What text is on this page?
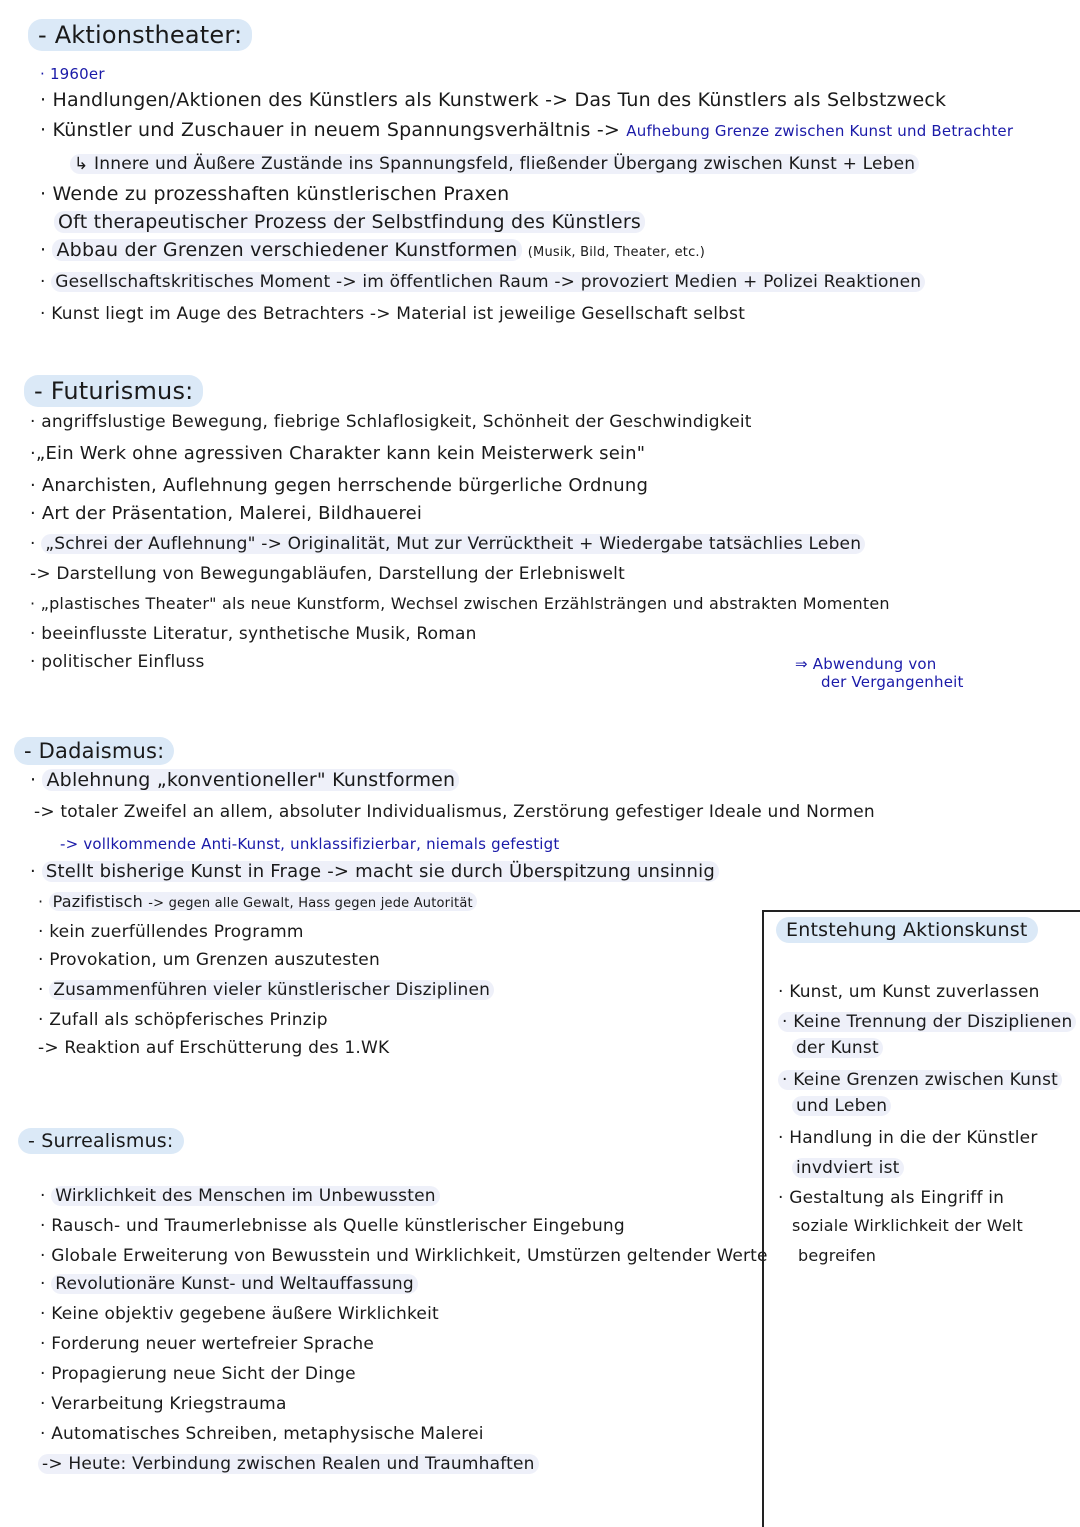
- Aktionstheater:
· 1960er
· Handlungen/Aktionen des Künstlers als Kunstwerk -> Das Tun des Künstlers als Selbstzweck
· Künstler und Zuschauer in neuem Spannungsverhältnis -> Aufhebung Grenze zwischen Kunst und Betrachter
↳ Innere und Äußere Zustände ins Spannungsfeld, fließender Übergang zwischen Kunst + Leben
· Wende zu prozesshaften künstlerischen Praxen
Oft therapeutischer Prozess der Selbstfindung des Künstlers
· Abbau der Grenzen verschiedener Kunstformen (Musik, Bild, Theater, etc.)
· Gesellschaftskritisches Moment -> im öffentlichen Raum -> provoziert Medien + Polizei Reaktionen
· Kunst liegt im Auge des Betrachters -> Material ist jeweilige Gesellschaft selbst
- Futurismus:
· angriffslustige Bewegung, fiebrige Schlaflosigkeit, Schönheit der Geschwindigkeit
·„Ein Werk ohne agressiven Charakter kann kein Meisterwerk sein"
· Anarchisten, Auflehnung gegen herrschende bürgerliche Ordnung
· Art der Präsentation, Malerei, Bildhauerei
· „Schrei der Auflehnung" -> Originalität, Mut zur Verrücktheit + Wiedergabe tatsächlies Leben
-> Darstellung von Bewegungabläufen, Darstellung der Erlebniswelt
· „plastisches Theater" als neue Kunstform, Wechsel zwischen Erzählsträngen und abstrakten Momenten
· beeinflusste Literatur, synthetische Musik, Roman
· politischer Einfluss	⇒ Abwendung von
der Vergangenheit
- Dadaismus:
· Ablehnung „konventioneller" Kunstformen
-> totaler Zweifel an allem, absoluter Individualismus, Zerstörung gefestiger Ideale und Normen
-> vollkommende Anti-Kunst, unklassifizierbar, niemals gefestigt
· Stellt bisherige Kunst in Frage -> macht sie durch Überspitzung unsinnig
· Pazifistisch -> gegen alle Gewalt, Hass gegen jede Autorität
· kein zuerfüllendes Programm
· Provokation, um Grenzen auszutesten
· Zusammenführen vieler künstlerischer Disziplinen
· Zufall als schöpferisches Prinzip
-> Reaktion auf Erschütterung des 1.WK
- Surrealismus:
· Wirklichkeit des Menschen im Unbewussten
· Rausch- und Traumerlebnisse als Quelle künstlerischer Eingebung
· Globale Erweiterung von Bewusstein und Wirklichkeit, Umstürzen geltender Werte
· Revolutionäre Kunst- und Weltauffassung
· Keine objektiv gegebene äußere Wirklichkeit
· Forderung neuer wertefreier Sprache
· Propagierung neue Sicht der Dinge
· Verarbeitung Kriegstrauma
· Automatisches Schreiben, metaphysische Malerei
-> Heute: Verbindung zwischen Realen und Traumhaften
Entstehung Aktionskunst
· Kunst, um Kunst zuverlassen
· Keine Trennung der Disziplienen
der Kunst
· Keine Grenzen zwischen Kunst
und Leben
· Handlung in die der Künstler
invdviert ist
· Gestaltung als Eingriff in
soziale Wirklichkeit der Welt
begreifen
